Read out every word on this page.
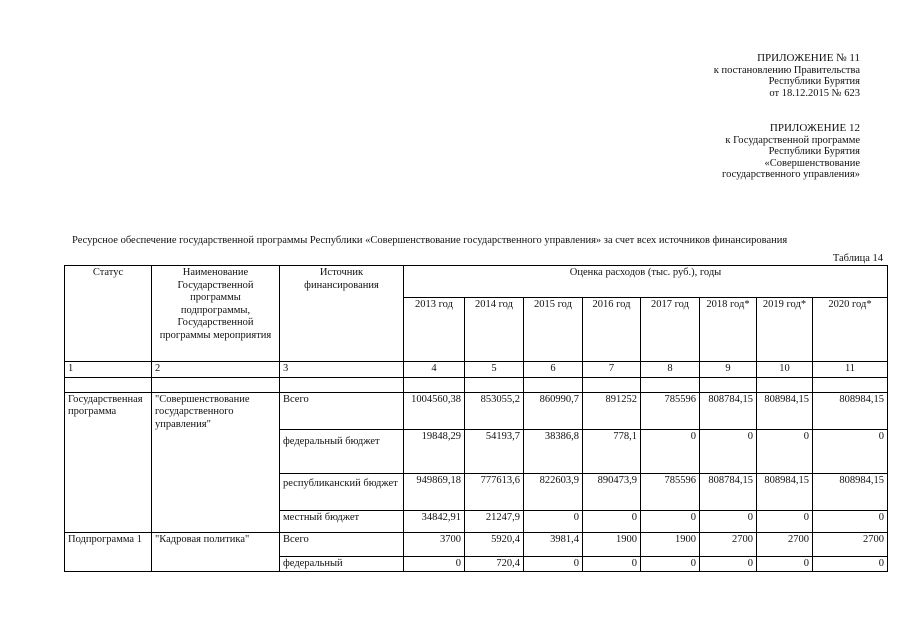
ПРИЛОЖЕНИЕ № 11
к постановлению Правительства
Республики Бурятия
от 18.12.2015 № 623
ПРИЛОЖЕНИЕ 12
к Государственной программе
Республики Бурятия
«Совершенствование
государственного управления»
Ресурсное обеспечение государственной программы Республики «Совершенствование государственного управления» за счет всех источников финансирования
Таблица 14
Статус	Наименование Государственной программы подпрограммы, Государственной программы мероприятия	Источник финансирования	Оценка расходов (тыс. руб.), годы							
			2013 год	2014 год	2015 год	2016 год	2017 год	2018 год*	2019 год*	2020 год*
1	2	3	4	5	6	7	8	9	10	11

Государственная программа	"Совершенствование государственного управления"	Всего	1004560,38	853055,2	860990,7	891252	785596	808784,15	808984,15	808984,15
		федеральный бюджет	19848,29	54193,7	38386,8	778,1	0	0	0	0
		республиканский бюджет	949869,18	777613,6	822603,9	890473,9	785596	808784,15	808984,15	808984,15
		местный бюджет	34842,91	21247,9	0	0	0	0	0	0
Подпрограмма 1	"Кадровая политика"	Всего	3700	5920,4	3981,4	1900	1900	2700	2700	2700
		федеральный	0	720,4	0	0	0	0	0	0
